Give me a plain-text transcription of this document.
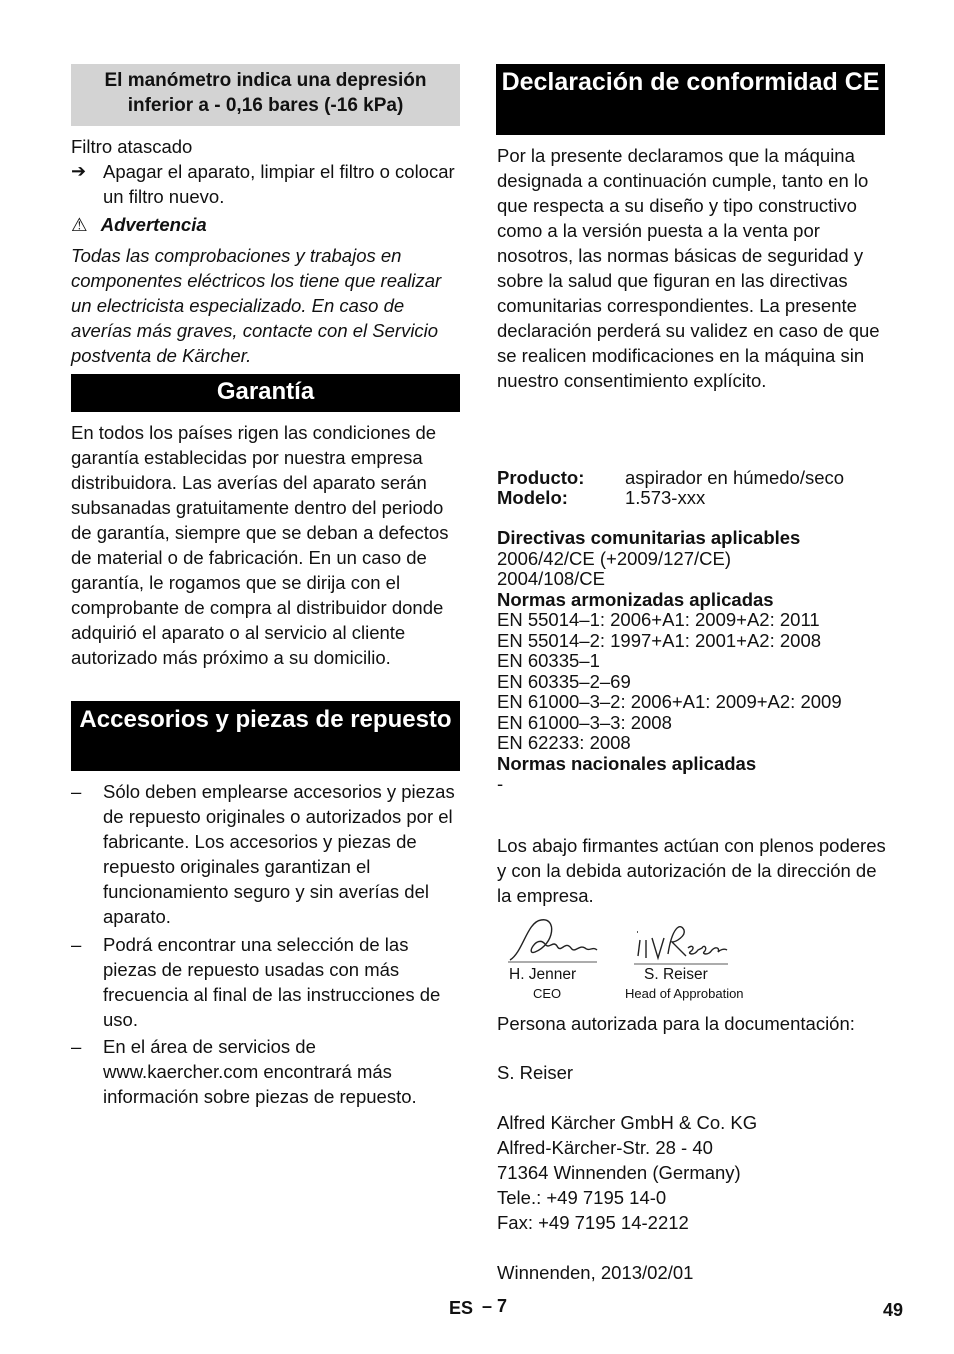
El manómetro indica una depresión inferior a - 0,16 bares (-16 kPa)

Filtro atascado

➔ Apagar el aparato, limpiar el filtro o colocar un filtro nuevo.

⚠ Advertencia

Todas las comprobaciones y trabajos en componentes eléctricos los tiene que realizar un electricista especializado. En caso de averías más graves, contacte con el Servicio postventa de Kärcher.

Garantía

En todos los países rigen las condiciones de garantía establecidas por nuestra empresa distribuidora. Las averías del aparato serán subsanadas gratuitamente dentro del periodo de garantía, siempre que se deban a defectos de material o de fabricación. En un caso de garantía, le rogamos que se dirija con el comprobante de compra al distribuidor donde adquirió el aparato o al servicio al cliente autorizado más próximo a su domicilio.

Accesorios y piezas de repuesto
–	Sólo deben emplearse accesorios y piezas de repuesto originales o autorizados por el fabricante. Los accesorios y piezas de repuesto originales garantizan el funcionamiento seguro y sin averías del aparato.

–	Podrá encontrar una selección de las piezas de repuesto usadas con más frecuencia al final de las instrucciones de uso.

–	En el área de servicios de www.kaercher.com encontrará más información sobre piezas de repuesto.

Declaración de conformidad CE

Por la presente declaramos que la máquina designada a continuación cumple, tanto en lo que respecta a su diseño y tipo constructivo como a la versión puesta a la venta por nosotros, las normas básicas de seguridad y sobre la salud que figuran en las directivas comunitarias correspondientes. La presente declaración perderá su validez en caso de que se realicen modificaciones en la máquina sin nuestro consentimiento explícito.

Producto: aspirador en húmedo/seco
Modelo:	1.573-xxx
Directivas comunitarias aplicables
2006/42/CE (+2009/127/CE)
2004/108/CE
Normas armonizadas aplicadas
EN 55014–1: 2006+A1: 2009+A2: 2011
EN 55014–2: 1997+A1: 2001+A2: 2008
EN 60335–1
EN 60335–2–69
EN 61000–3–2: 2006+A1: 2009+A2: 2009
EN 61000–3–3: 2008
EN 62233: 2008
Normas nacionales aplicadas
-

Los abajo firmantes actúan con plenos poderes y con la debida autorización de la dirección de la empresa.

H. Jenner
CEO
S. Reiser
Head of Approbation

Persona autorizada para la documentación:

S. Reiser

Alfred Kärcher GmbH & Co. KG
Alfred-Kärcher-Str. 28 - 40
71364 Winnenden (Germany)
Tele.: +49 7195 14-0
Fax: +49 7195 14-2212

Winnenden, 2013/02/01

ES – 7	49
